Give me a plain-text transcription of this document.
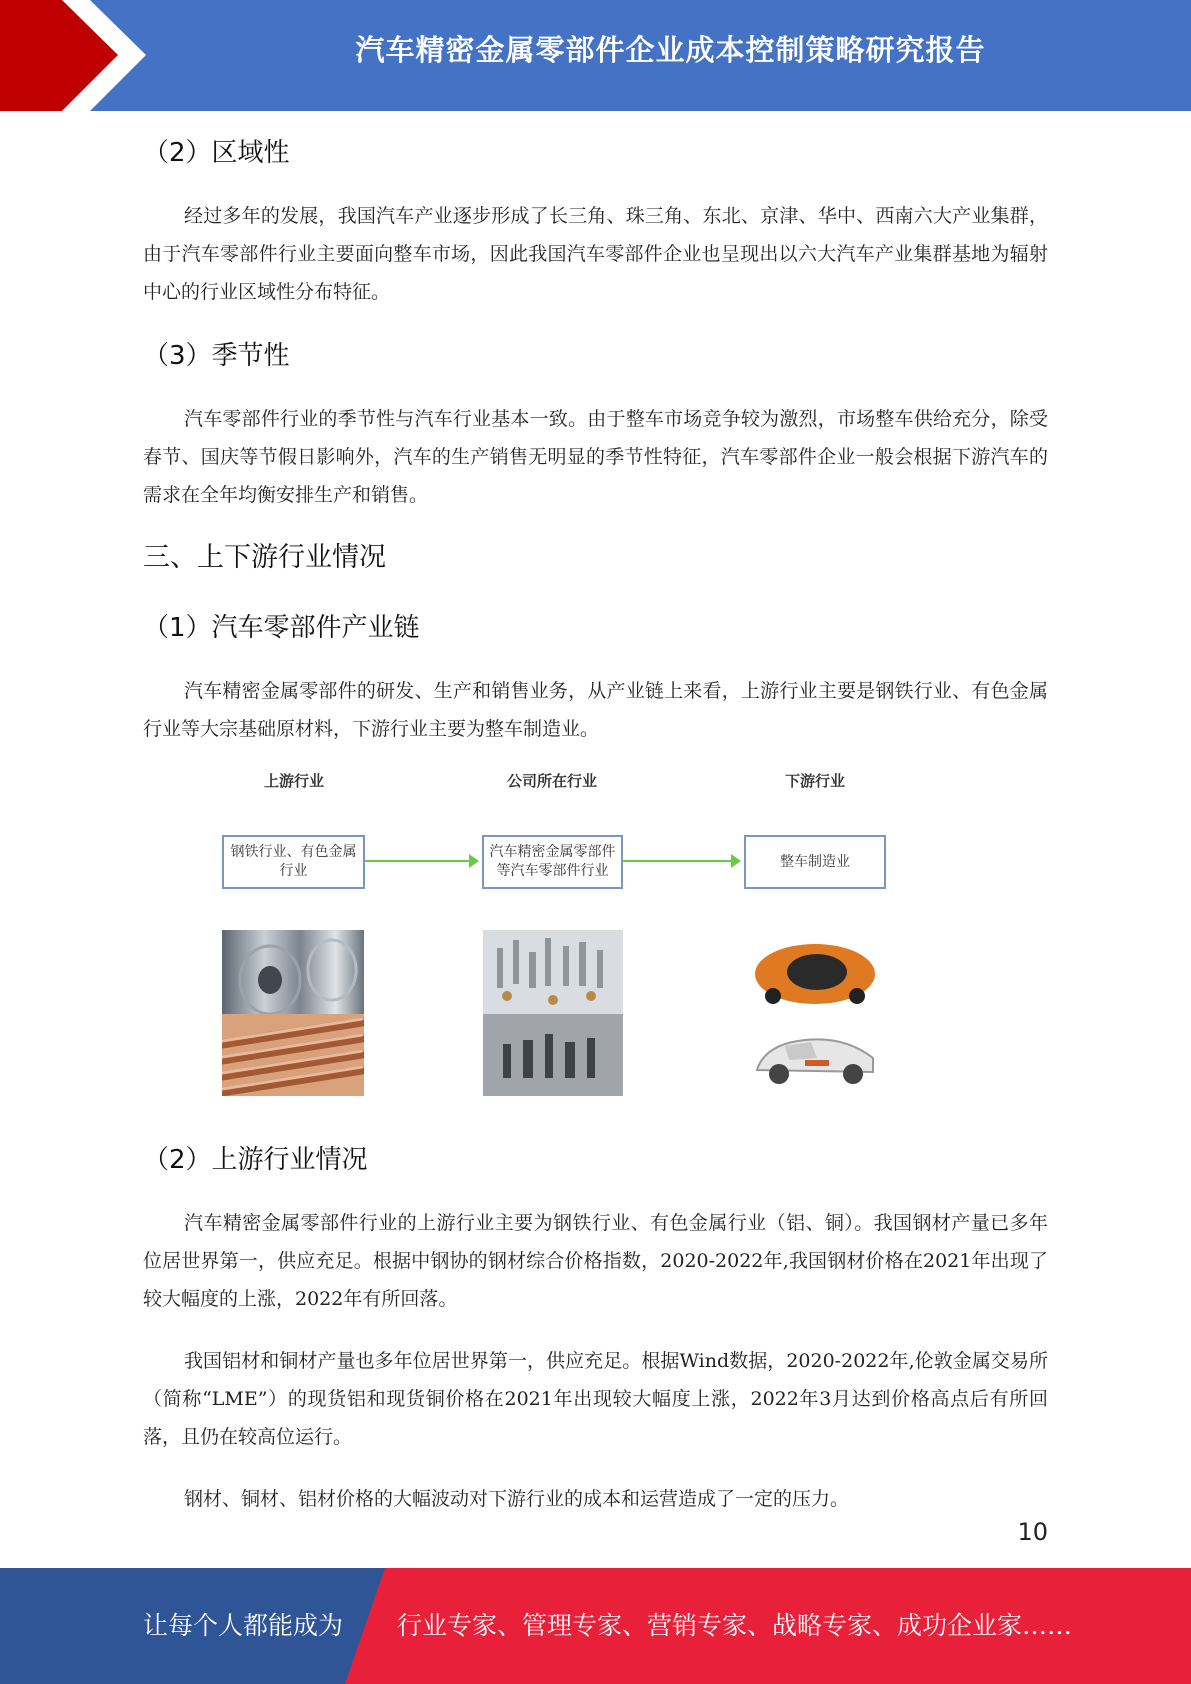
汽车精密金属零部件企业成本控制策略研究报告
（2）区域性

经过多年的发展，我国汽车产业逐步形成了长三角、珠三角、东北、京津、华中、西南六大产业集群，由于汽车零部件行业主要面向整车市场，因此我国汽车零部件企业也呈现出以六大汽车产业集群基地为辐射中心的行业区域性分布特征。

（3）季节性

汽车零部件行业的季节性与汽车行业基本一致。由于整车市场竞争较为激烈，市场整车供给充分，除受春节、国庆等节假日影响外，汽车的生产销售无明显的季节性特征，汽车零部件企业一般会根据下游汽车的需求在全年均衡安排生产和销售。

三、上下游行业情况
（1）汽车零部件产业链

汽车精密金属零部件的研发、生产和销售业务，从产业链上来看，上游行业主要是钢铁行业、有色金属行业等大宗基础原材料，下游行业主要为整车制造业。

上游行业	公司所在行业	下游行业
钢铁行业、有色金属行业
汽车精密金属零部件等汽车零部件行业
整车制造业
（2）上游行业情况

汽车精密金属零部件行业的上游行业主要为钢铁行业、有色金属行业（铝、铜）。我国钢材产量已多年位居世界第一，供应充足。根据中钢协的钢材综合价格指数，2020-2022年,我国钢材价格在2021年出现了较大幅度的上涨，2022年有所回落。

我国铝材和铜材产量也多年位居世界第一，供应充足。根据Wind数据，2020-2022年,伦敦金属交易所（简称“LME”）的现货铝和现货铜价格在2021年出现较大幅度上涨，2022年3月达到价格高点后有所回落，且仍在较高位运行。

钢材、铜材、铝材价格的大幅波动对下游行业的成本和运营造成了一定的压力。

10
让每个人都能成为 行业专家、管理专家、营销专家、战略专家、成功企业家……
